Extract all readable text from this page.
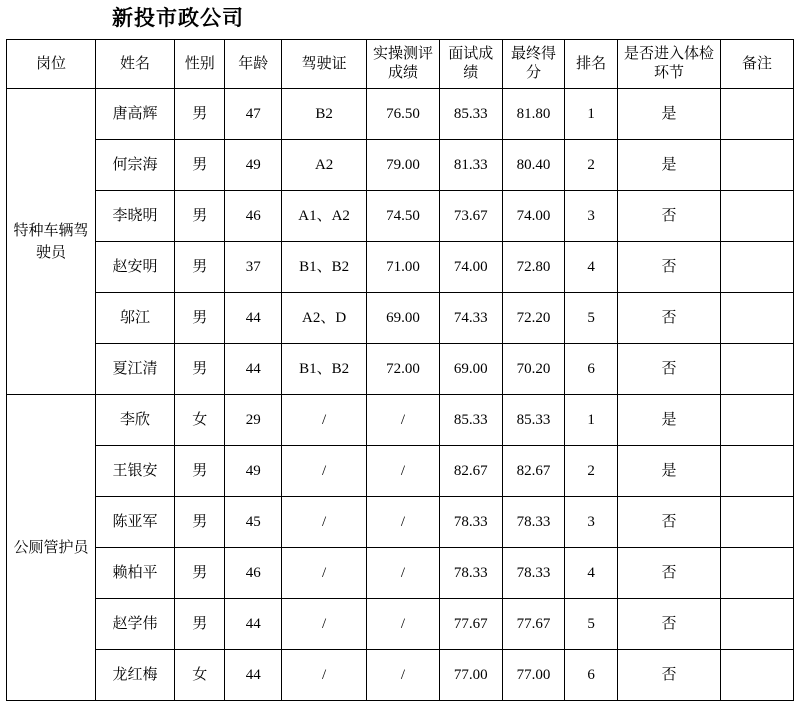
新投市政公司
岗位	姓名	性别	年龄	驾驶证	实操测评成绩	面试成绩	最终得分	排名	是否进入体检环节	备注
特种车辆驾驶员	唐高辉	男	47	B2	76.50	85.33	81.80	1	是	
	何宗海	男	49	A2	79.00	81.33	80.40	2	是	
	李晓明	男	46	A1、A2	74.50	73.67	74.00	3	否	
	赵安明	男	37	B1、B2	71.00	74.00	72.80	4	否	
	邬江	男	44	A2、D	69.00	74.33	72.20	5	否	
	夏江清	男	44	B1、B2	72.00	69.00	70.20	6	否	
公厕管护员	李欣	女	29	/	/	85.33	85.33	1	是	
	王银安	男	49	/	/	82.67	82.67	2	是	
	陈亚军	男	45	/	/	78.33	78.33	3	否	
	赖柏平	男	46	/	/	78.33	78.33	4	否	
	赵学伟	男	44	/	/	77.67	77.67	5	否	
	龙红梅	女	44	/	/	77.00	77.00	6	否	
